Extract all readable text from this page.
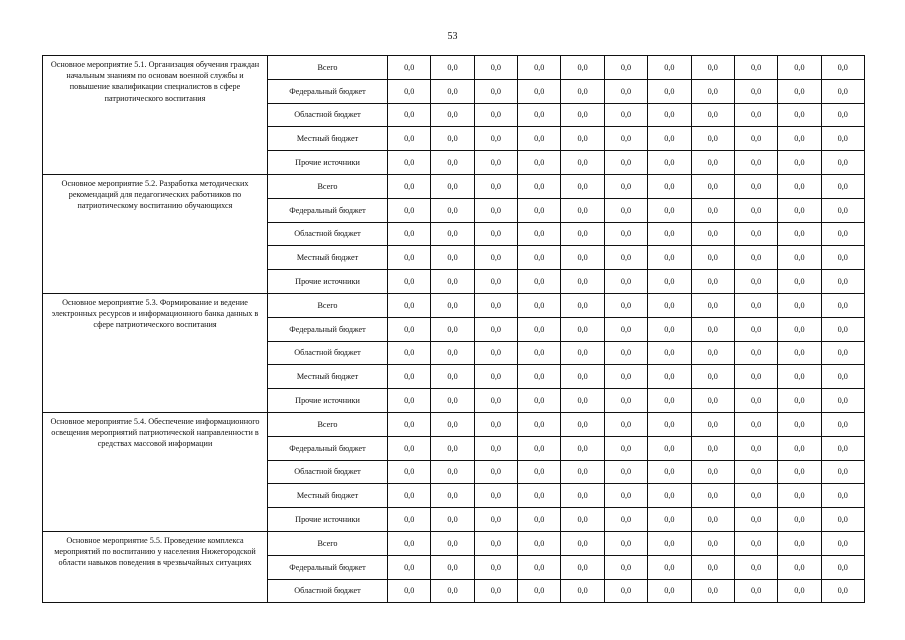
53
Основное мероприятие 5.1. Организация обучения граждан начальным знаниям по основам военной службы и повышение квалификации специалистов в сфере патриотического воспитания	Всего	0,0	0,0	0,0	0,0	0,0	0,0	0,0	0,0	0,0	0,0	0,0
	Федеральный бюджет	0,0	0,0	0,0	0,0	0,0	0,0	0,0	0,0	0,0	0,0	0,0
	Областной бюджет	0,0	0,0	0,0	0,0	0,0	0,0	0,0	0,0	0,0	0,0	0,0
	Местный бюджет	0,0	0,0	0,0	0,0	0,0	0,0	0,0	0,0	0,0	0,0	0,0
	Прочие источники	0,0	0,0	0,0	0,0	0,0	0,0	0,0	0,0	0,0	0,0	0,0
Основное мероприятие 5.2. Разработка методических рекомендаций для педагогических работников по патриотическому воспитанию обучающихся	Всего	0,0	0,0	0,0	0,0	0,0	0,0	0,0	0,0	0,0	0,0	0,0
	Федеральный бюджет	0,0	0,0	0,0	0,0	0,0	0,0	0,0	0,0	0,0	0,0	0,0
	Областной бюджет	0,0	0,0	0,0	0,0	0,0	0,0	0,0	0,0	0,0	0,0	0,0
	Местный бюджет	0,0	0,0	0,0	0,0	0,0	0,0	0,0	0,0	0,0	0,0	0,0
	Прочие источники	0,0	0,0	0,0	0,0	0,0	0,0	0,0	0,0	0,0	0,0	0,0
Основное мероприятие 5.3. Формирование и ведение электронных ресурсов и информационного банка данных в сфере патриотического воспитания	Всего	0,0	0,0	0,0	0,0	0,0	0,0	0,0	0,0	0,0	0,0	0,0
	Федеральный бюджет	0,0	0,0	0,0	0,0	0,0	0,0	0,0	0,0	0,0	0,0	0,0
	Областной бюджет	0,0	0,0	0,0	0,0	0,0	0,0	0,0	0,0	0,0	0,0	0,0
	Местный бюджет	0,0	0,0	0,0	0,0	0,0	0,0	0,0	0,0	0,0	0,0	0,0
	Прочие источники	0,0	0,0	0,0	0,0	0,0	0,0	0,0	0,0	0,0	0,0	0,0
Основное мероприятие 5.4. Обеспечение информационного освещения мероприятий патриотической направленности в средствах массовой информации	Всего	0,0	0,0	0,0	0,0	0,0	0,0	0,0	0,0	0,0	0,0	0,0
	Федеральный бюджет	0,0	0,0	0,0	0,0	0,0	0,0	0,0	0,0	0,0	0,0	0,0
	Областной бюджет	0,0	0,0	0,0	0,0	0,0	0,0	0,0	0,0	0,0	0,0	0,0
	Местный бюджет	0,0	0,0	0,0	0,0	0,0	0,0	0,0	0,0	0,0	0,0	0,0
	Прочие источники	0,0	0,0	0,0	0,0	0,0	0,0	0,0	0,0	0,0	0,0	0,0
Основное мероприятие 5.5. Проведение комплекса мероприятий по воспитанию у населения Нижегородской области навыков поведения в чрезвычайных ситуациях	Всего	0,0	0,0	0,0	0,0	0,0	0,0	0,0	0,0	0,0	0,0	0,0
	Федеральный бюджет	0,0	0,0	0,0	0,0	0,0	0,0	0,0	0,0	0,0	0,0	0,0
	Областной бюджет	0,0	0,0	0,0	0,0	0,0	0,0	0,0	0,0	0,0	0,0	0,0
